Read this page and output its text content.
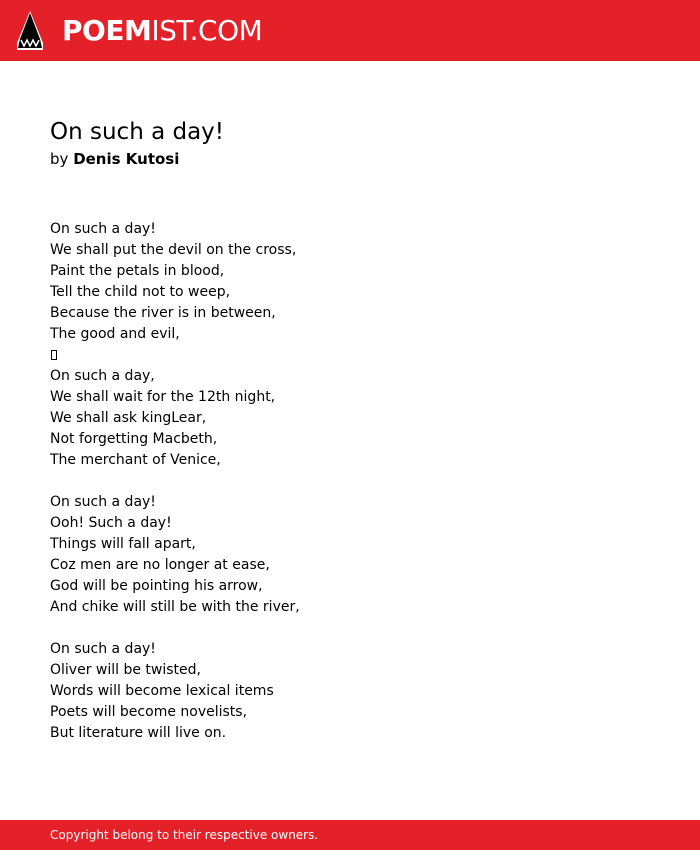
POEMIST.COM
On such a day!
by Denis Kutosi
On such a day!
We shall put the devil on the cross,
Paint the petals in blood,
Tell the child not to weep,
Because the river is in between,
The good and evil,
On such a day,
We shall wait for the 12th night,
We shall ask kingLear,
Not forgetting Macbeth,
The merchant of Venice,
On such a day!
Ooh! Such a day!
Things will fall apart,
Coz men are no longer at ease,
God will be pointing his arrow,
And chike will still be with the river,
On such a day!
Oliver will be twisted,
Words will become lexical items
Poets will become novelists,
But literature will live on.
Copyright belong to their respective owners.
